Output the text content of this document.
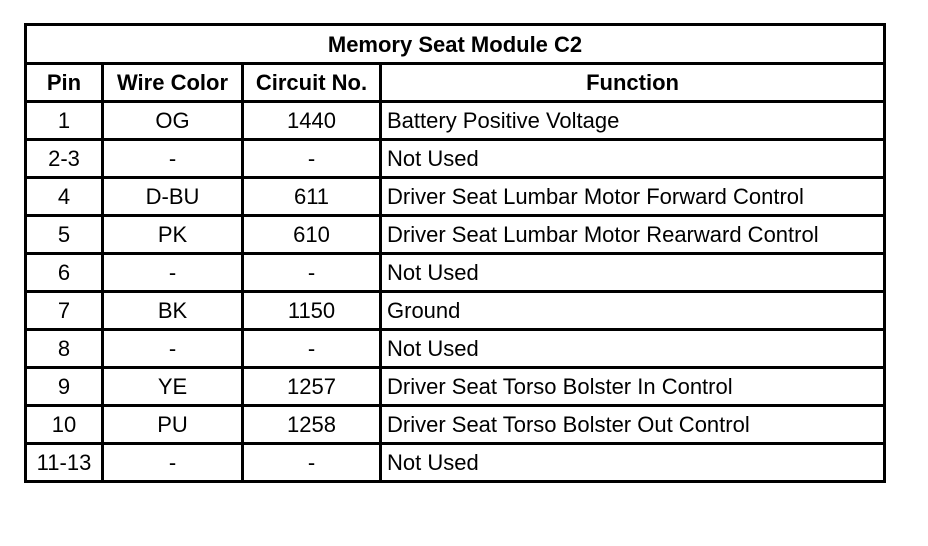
Memory Seat Module C2			
Pin	Wire Color	Circuit No.	Function
1	OG	1440	Battery Positive Voltage
2-3	-	-	Not Used
4	D-BU	611	Driver Seat Lumbar Motor Forward Control
5	PK	610	Driver Seat Lumbar Motor Rearward Control
6	-	-	Not Used
7	BK	1150	Ground
8	-	-	Not Used
9	YE	1257	Driver Seat Torso Bolster In Control
10	PU	1258	Driver Seat Torso Bolster Out Control
11-13	-	-	Not Used
